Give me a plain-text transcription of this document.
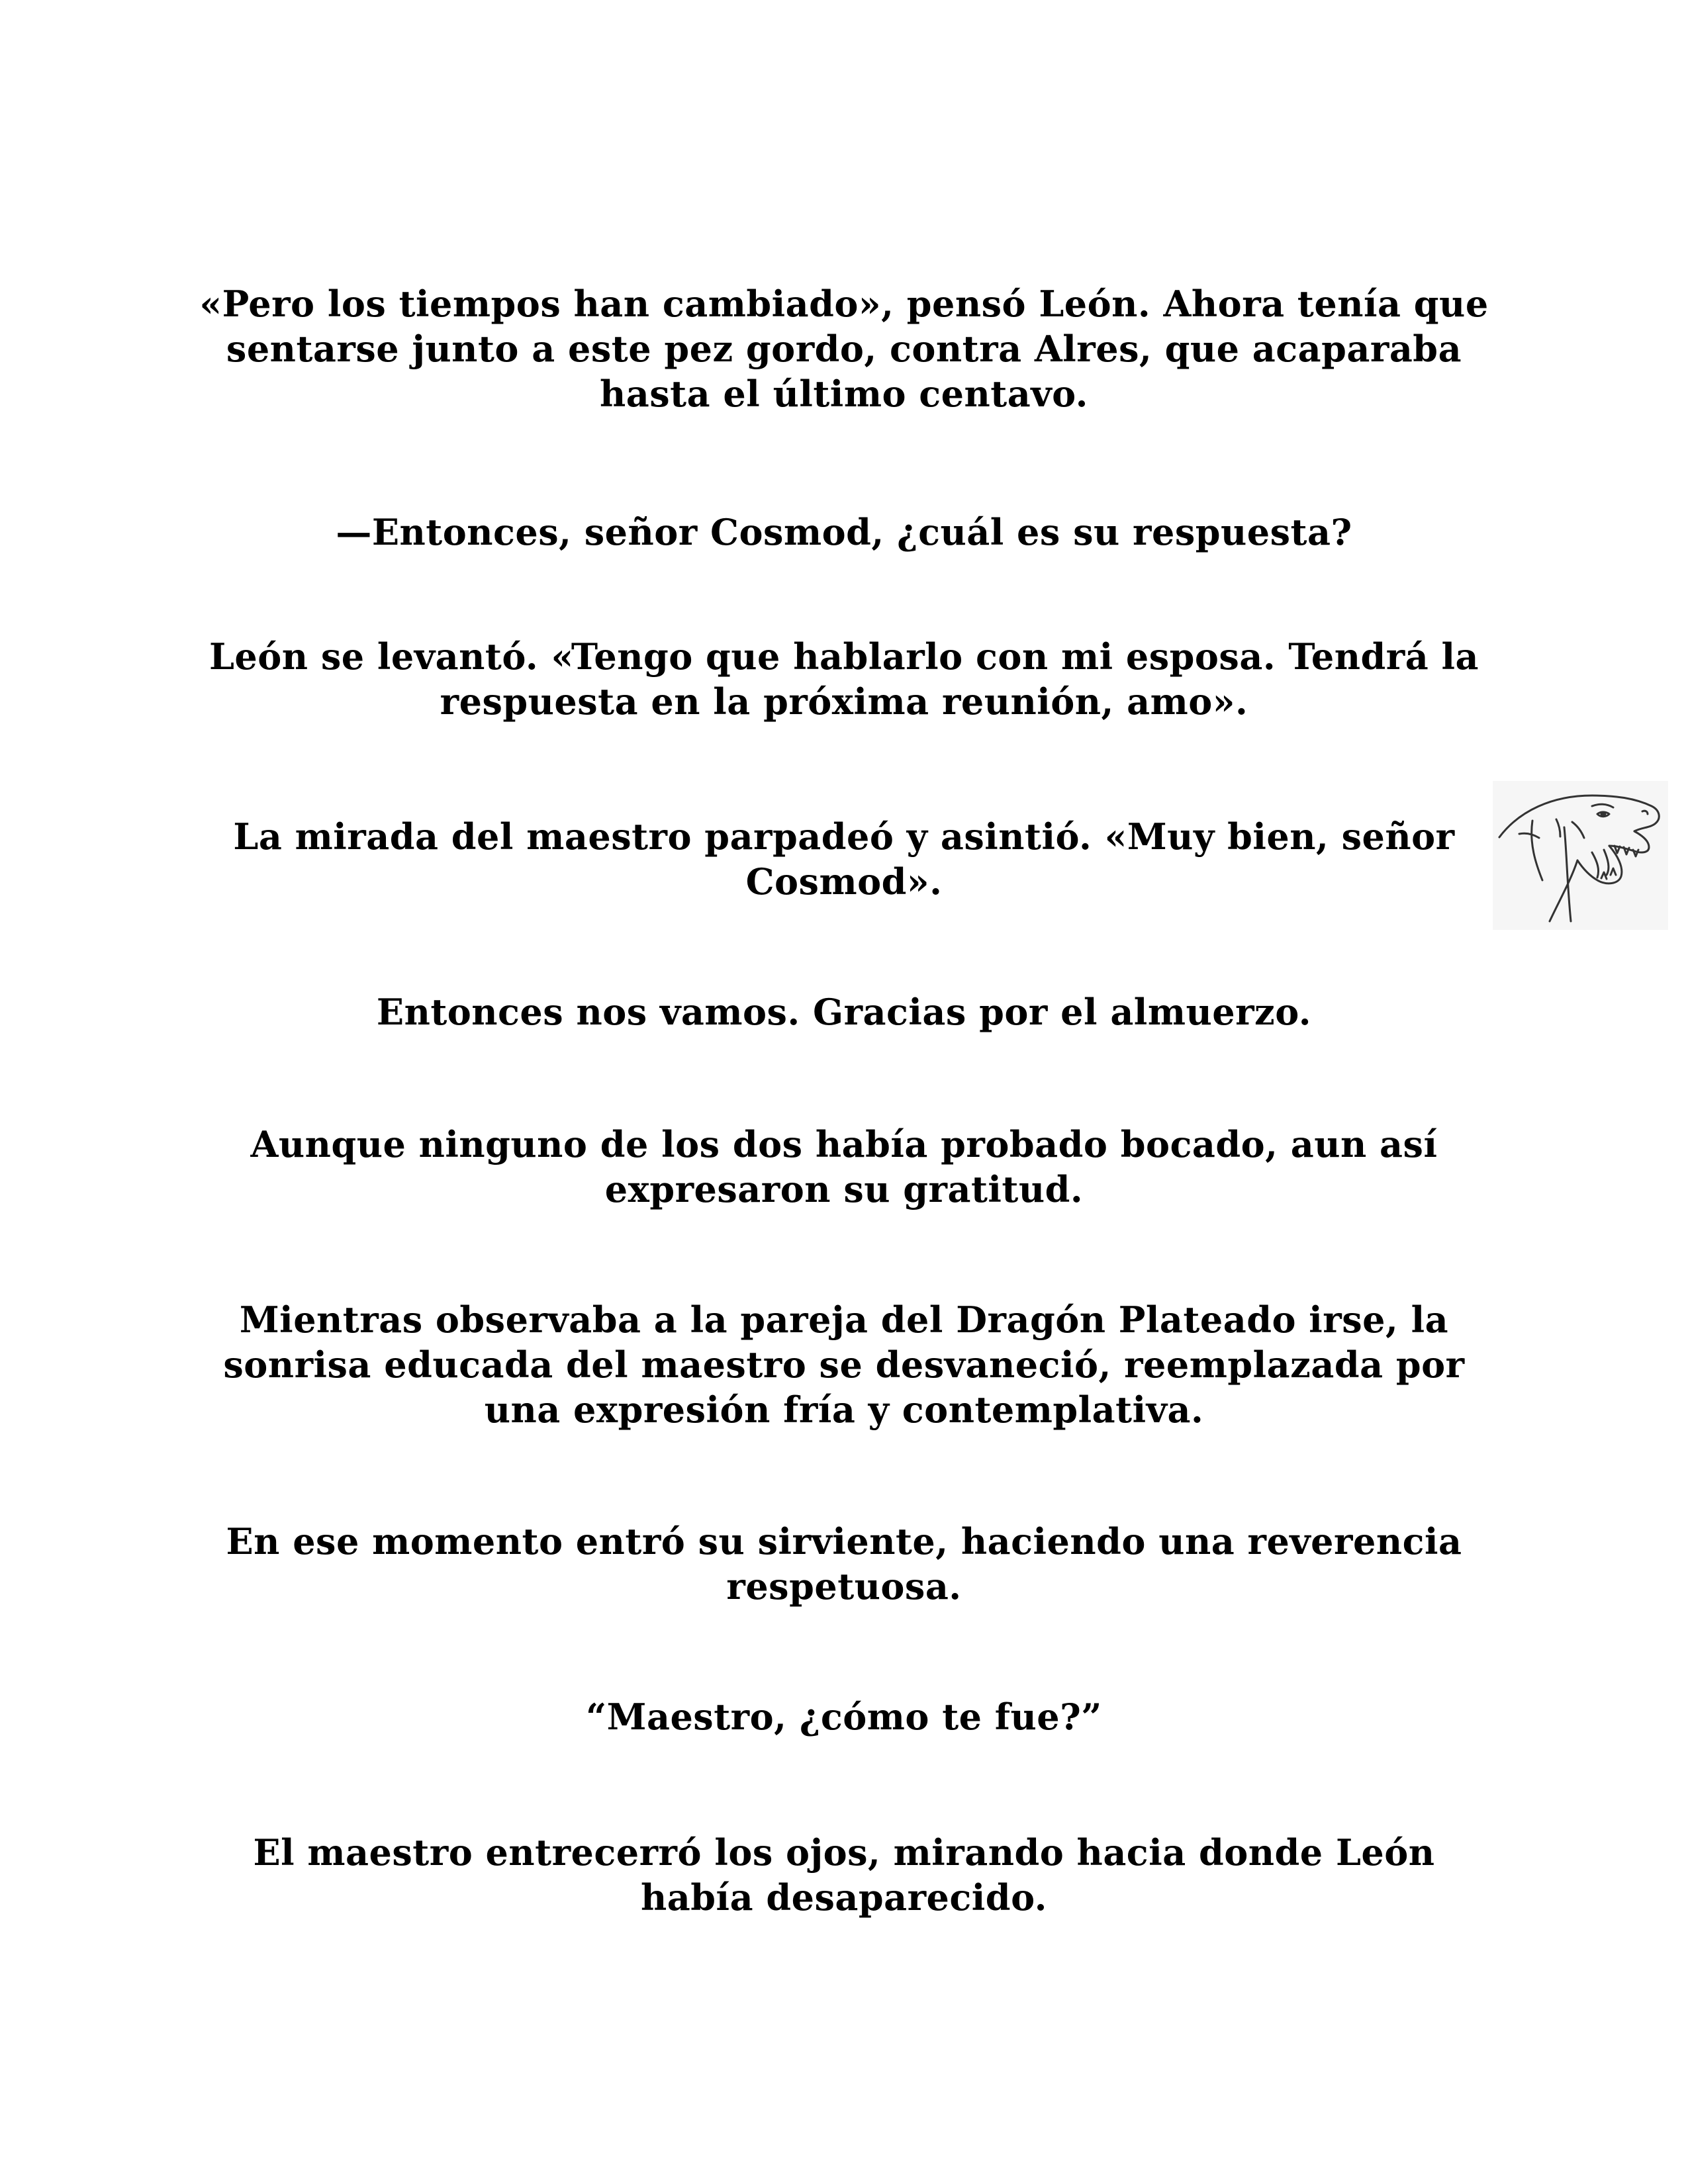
«Pero los tiempos han cambiado», pensó León. Ahora tenía que sentarse junto a este pez gordo, contra Alres, que acaparaba hasta el último centavo.

—Entonces, señor Cosmod, ¿cuál es su respuesta?

León se levantó. «Tengo que hablarlo con mi esposa. Tendrá la respuesta en la próxima reunión, amo».

La mirada del maestro parpadeó y asintió. «Muy bien, señor Cosmod».

Entonces nos vamos. Gracias por el almuerzo.

Aunque ninguno de los dos había probado bocado, aun así expresaron su gratitud.

Mientras observaba a la pareja del Dragón Plateado irse, la sonrisa educada del maestro se desvaneció, reemplazada por una expresión fría y contemplativa.

En ese momento entró su sirviente, haciendo una reverencia respetuosa.

“Maestro, ¿cómo te fue?”

El maestro entrecerró los ojos, mirando hacia donde León había desaparecido.
